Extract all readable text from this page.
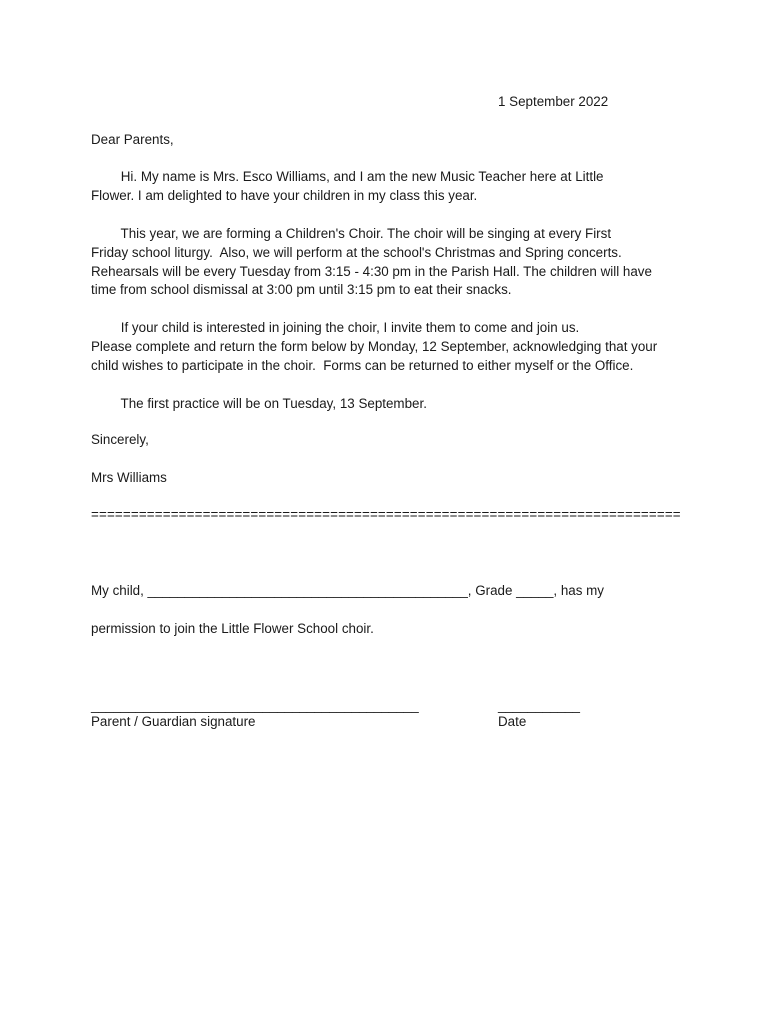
1 September 2022
Dear Parents,
Hi. My name is Mrs. Esco Williams, and I am the new Music Teacher here at Little
Flower. I am delighted to have your children in my class this year.
This year, we are forming a Children's Choir. The choir will be singing at every First
Friday school liturgy.  Also, we will perform at the school's Christmas and Spring concerts.
Rehearsals will be every Tuesday from 3:15 - 4:30 pm in the Parish Hall. The children will have
time from school dismissal at 3:00 pm until 3:15 pm to eat their snacks.
If your child is interested in joining the choir, I invite them to come and join us.
Please complete and return the form below by Monday, 12 September, acknowledging that your
child wishes to participate in the choir.  Forms can be returned to either myself or the Office.
The first practice will be on Tuesday, 13 September.
Sincerely,
Mrs Williams
==========================================================================
My child, ___________________________________________, Grade _____, has my
permission to join the Little Flower School choir.
____________________________________________
Parent / Guardian signature
___________
Date
